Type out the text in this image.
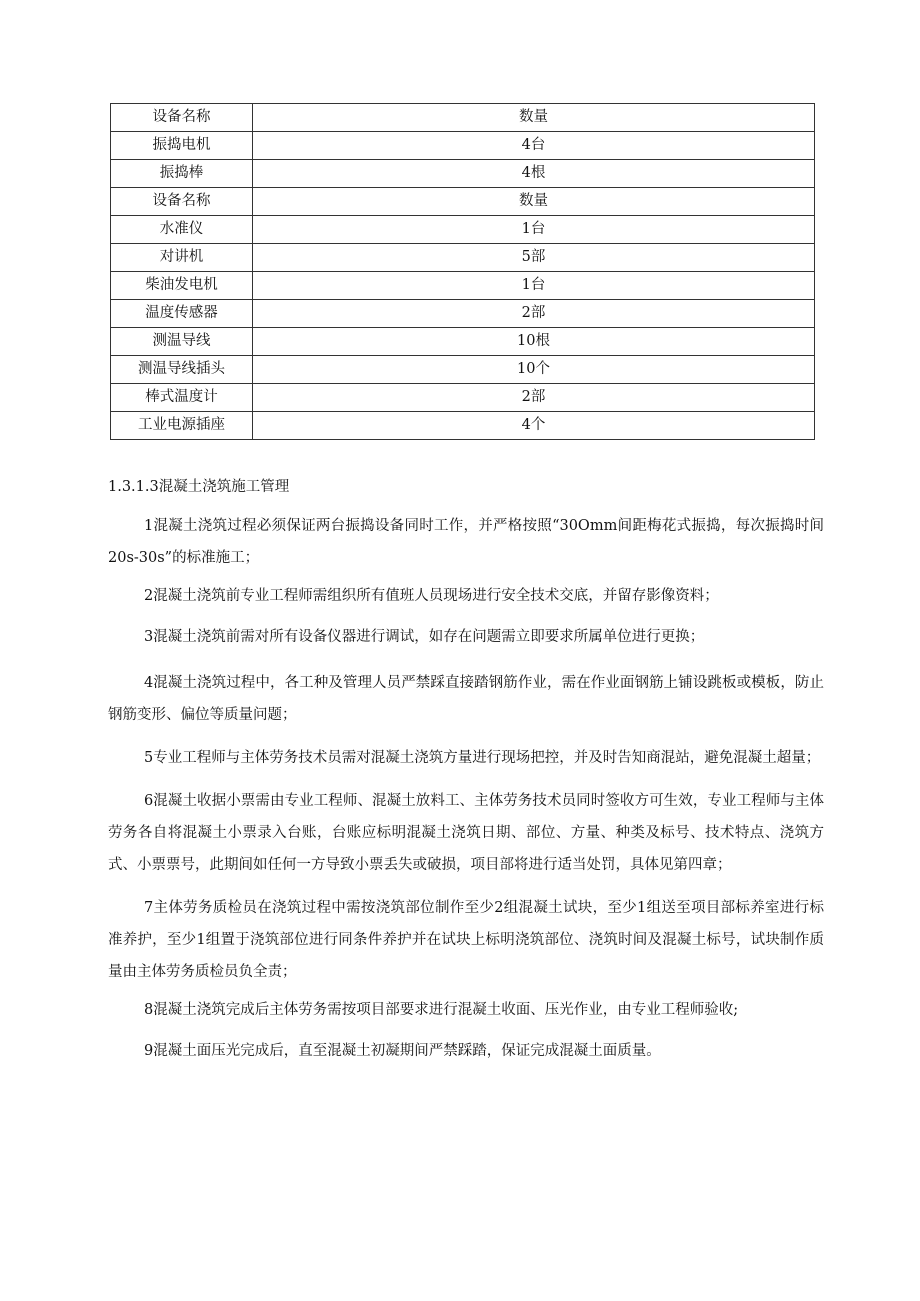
设备名称	数量
振捣电机	4台
振捣棒	4根
设备名称	数量
水准仪	1台
对讲机	5部
柴油发电机	1台
温度传感器	2部
测温导线	10根
测温导线插头	10个
棒式温度计	2部
工业电源插座	4个

1.3.1.3混凝土浇筑施工管理

1混凝土浇筑过程必须保证两台振捣设备同时工作，并严格按照“30Omm间距梅花式振捣，每次振捣时间20s-30s”的标准施工；

2混凝土浇筑前专业工程师需组织所有值班人员现场进行安全技术交底，并留存影像资料；

3混凝土浇筑前需对所有设备仪器进行调试，如存在问题需立即要求所属单位进行更换；

4混凝土浇筑过程中，各工种及管理人员严禁踩直接踏钢筋作业，需在作业面钢筋上铺设跳板或模板，防止钢筋变形、偏位等质量问题；

5专业工程师与主体劳务技术员需对混凝土浇筑方量进行现场把控，并及时告知商混站，避免混凝土超量；

6混凝土收据小票需由专业工程师、混凝土放料工、主体劳务技术员同时签收方可生效，专业工程师与主体劳务各自将混凝土小票录入台账，台账应标明混凝土浇筑日期、部位、方量、种类及标号、技术特点、浇筑方式、小票票号，此期间如任何一方导致小票丢失或破损，项目部将进行适当处罚，具体见第四章；

7主体劳务质检员在浇筑过程中需按浇筑部位制作至少2组混凝土试块，至少1组送至项目部标养室进行标准养护，至少1组置于浇筑部位进行同条件养护并在试块上标明浇筑部位、浇筑时间及混凝土标号，试块制作质量由主体劳务质检员负全责；

8混凝土浇筑完成后主体劳务需按项目部要求进行混凝土收面、压光作业，由专业工程师验收;

9混凝土面压光完成后，直至混凝土初凝期间严禁踩踏，保证完成混凝土面质量。
